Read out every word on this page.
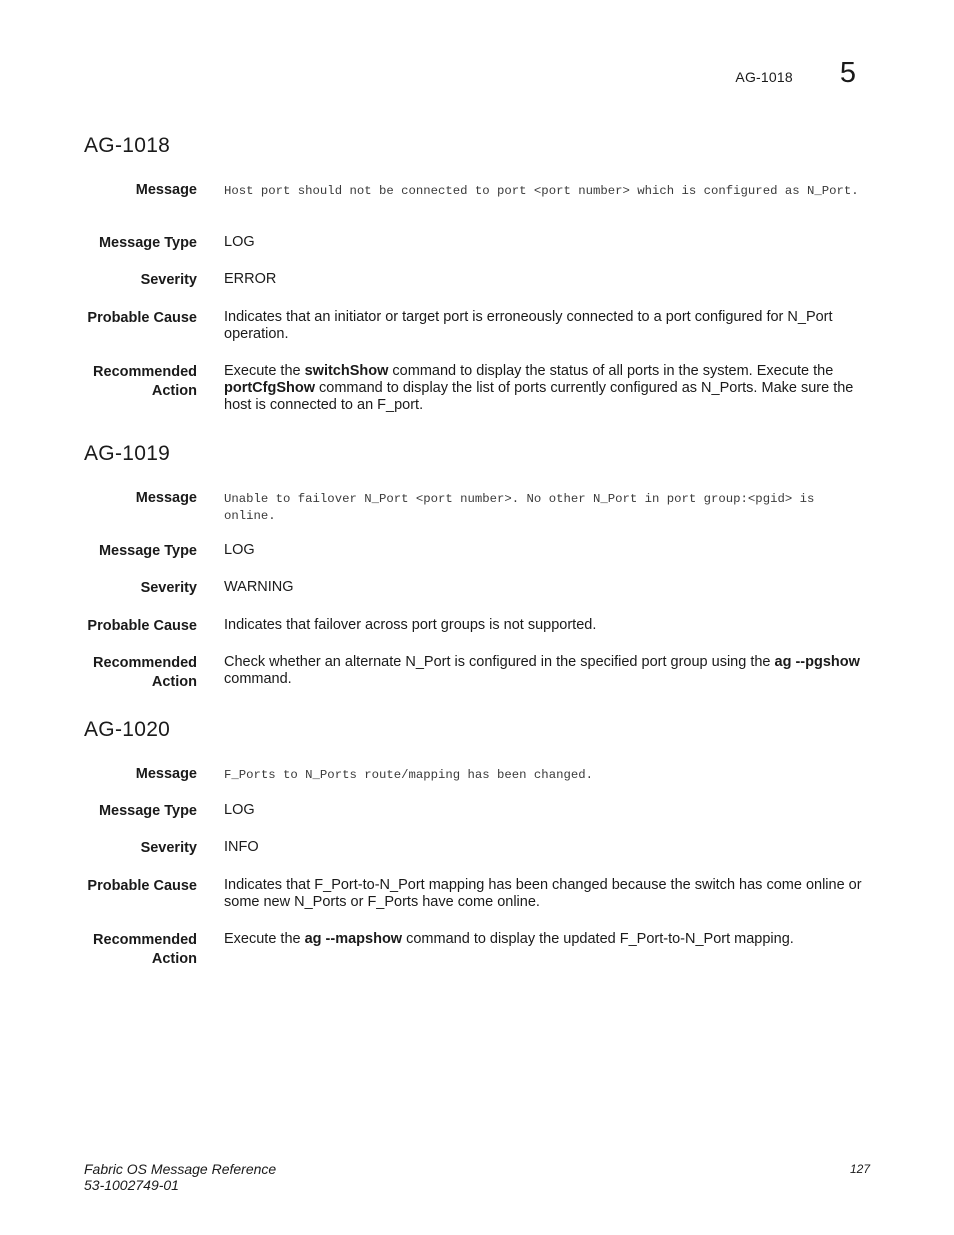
AG-1018 5
AG-1018
Message Host port should not be connected to port <port number> which is configured as N_Port.
Message Type LOG
Severity ERROR
Probable Cause Indicates that an initiator or target port is erroneously connected to a port configured for N_Port operation.
Recommended Action
Execute the switchShow command to display the status of all ports in the system. Execute the portCfgShow command to display the list of ports currently configured as N_Ports. Make sure the host is connected to an F_port.
AG-1019
Message Unable to failover N_Port <port number>. No other N_Port in port group:<pgid> is online.
Message Type LOG
Severity WARNING
Probable Cause Indicates that failover across port groups is not supported.
Recommended Action
Check whether an alternate N_Port is configured in the specified port group using the ag --pgshow command.
AG-1020
Message F_Ports to N_Ports route/mapping has been changed.
Message Type LOG
Severity INFO
Probable Cause Indicates that F_Port-to-N_Port mapping has been changed because the switch has come online or some new N_Ports or F_Ports have come online.
Recommended Action
Execute the ag --mapshow command to display the updated F_Port-to-N_Port mapping.
Fabric OS Message Reference
53-1002749-01
127
